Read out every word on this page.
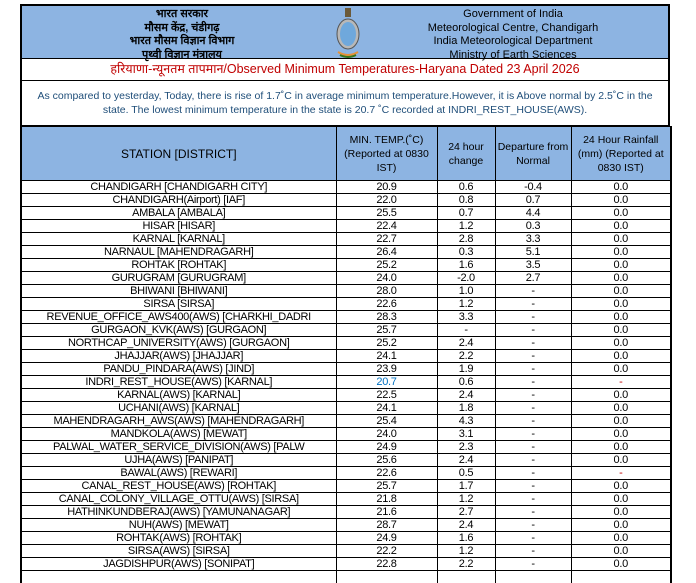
भारत सरकार
मौसम केंद्र, चंडीगढ़
भारत मौसम विज्ञान विभाग
पृथ्वी विज्ञान मंत्रालय
Government of India
Meteorological Centre, Chandigarh
India Meteorological Department
Ministry of Earth Sciences
हरियाणा-न्यूनतम तापमान/Observed Minimum Temperatures-Haryana Dated 23 April 2026
As compared to yesterday, Today, there is rise of 1.7˚C in average minimum temperature.However, it is Above normal by 2.5˚C in the state. The lowest minimum temperature in the state is 20.7 ˚C recorded at INDRI_REST_HOUSE(AWS).
STATION [DISTRICT]	MIN. TEMP.(˚C) (Reported at 0830 IST)	24 hour change	Departure from Normal	24 Hour Rainfall (mm) (Reported at 0830 IST)

CHANDIGARH [CHANDIGARH CITY]	20.9	0.6	-0.4	0.0

CHANDIGARH(Airport) [IAF]	22.0	0.8	0.7	0.0

AMBALA [AMBALA]	25.5	0.7	4.4	0.0

HISAR [HISAR]	22.4	1.2	0.3	0.0

KARNAL [KARNAL]	22.7	2.8	3.3	0.0

NARNAUL [MAHENDRAGARH]	26.4	0.3	5.1	0.0

ROHTAK [ROHTAK]	25.2	1.6	3.5	0.0

GURUGRAM [GURUGRAM]	24.0	-2.0	2.7	0.0

BHIWANI [BHIWANI]	28.0	1.0	-	0.0

SIRSA [SIRSA]	22.6	1.2	-	0.0

REVENUE_OFFICE_AWS400(AWS) [CHARKHI_DADRI	28.3	3.3	-	0.0

GURGAON_KVK(AWS) [GURGAON]	25.7	-	-	0.0

NORTHCAP_UNIVERSITY(AWS) [GURGAON]	25.2	2.4	-	0.0

JHAJJAR(AWS) [JHAJJAR]	24.1	2.2	-	0.0

PANDU_PINDARA(AWS) [JIND]	23.9	1.9	-	0.0

INDRI_REST_HOUSE(AWS) [KARNAL]	20.7	0.6	-	-

KARNAL(AWS) [KARNAL]	22.5	2.4	-	0.0

UCHANI(AWS) [KARNAL]	24.1	1.8	-	0.0

MAHENDRAGARH_AWS(AWS) [MAHENDRAGARH]	25.4	4.3	-	0.0

MANDKOLA(AWS) [MEWAT]	24.0	3.1	-	0.0

PALWAL_WATER_SERVICE_DIVISION(AWS) [PALW	24.9	2.3	-	0.0

UJHA(AWS) [PANIPAT]	25.6	2.4	-	0.0

BAWAL(AWS) [REWARI]	22.6	0.5	-	-

CANAL_REST_HOUSE(AWS) [ROHTAK]	25.7	1.7	-	0.0

CANAL_COLONY_VILLAGE_OTTU(AWS) [SIRSA]	21.8	1.2	-	0.0

HATHINKUNDBERAJ(AWS) [YAMUNANAGAR]	21.6	2.7	-	0.0

NUH(AWS) [MEWAT]	28.7	2.4	-	0.0

ROHTAK(AWS) [ROHTAK]	24.9	1.6	-	0.0

SIRSA(AWS) [SIRSA]	22.2	1.2	-	0.0

JAGDISHPUR(AWS) [SONIPAT]	22.8	2.2	-	0.0
